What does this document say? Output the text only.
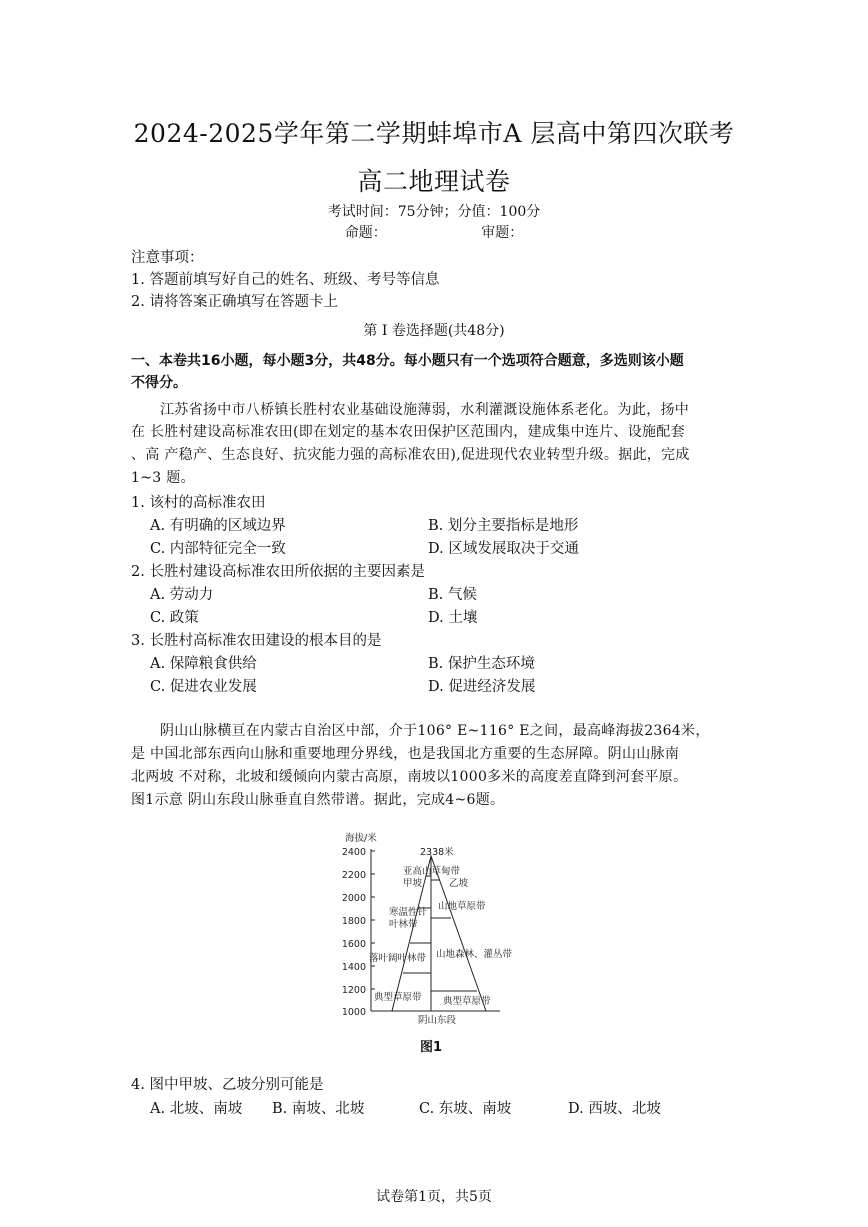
2024-2025学年第二学期蚌埠市A 层高中第四次联考
高二地理试卷
考试时间：75分钟；分值：100分
命题：	审题：
注意事项：
1. 答题前填写好自己的姓名、班级、考号等信息
2. 请将答案正确填写在答题卡上
第 Ⅰ 卷选择题(共48分)
一、本卷共16小题，每小题3分，共48分。每小题只有一个选项符合题意，多选则该小题
不得分。
江苏省扬中市八桥镇长胜村农业基础设施薄弱，水利灌溉设施体系老化。为此，扬中
在 长胜村建设高标准农田(即在划定的基本农田保护区范围内，建成集中连片、设施配套
、高 产稳产、生态良好、抗灾能力强的高标准农田),促进现代农业转型升级。据此，完成
1~3 题。
1. 该村的高标准农田
A. 有明确的区域边界	B. 划分主要指标是地形
C. 内部特征完全一致	D. 区域发展取决于交通
2. 长胜村建设高标准农田所依据的主要因素是
A. 劳动力	B. 气候
C. 政策	D. 土壤
3. 长胜村高标准农田建设的根本目的是
A. 保障粮食供给	B. 保护生态环境
C. 促进农业发展	D. 促进经济发展
阴山山脉横亘在内蒙古自治区中部，介于106° E~116° E之间，最高峰海拔2364米，
是 中国北部东西向山脉和重要地理分界线，也是我国北方重要的生态屏障。阴山山脉南
北两坡 不对称，北坡和缓倾向内蒙古高原，南坡以1000多米的高度差直降到河套平原。
图1示意 阴山东段山脉垂直自然带谱。据此，完成4~6题。
2400
2200
2000
1800
1600
1400
1200
1000
海拔/米
2338米
亚高山草甸带
甲坡
寒温性针
叶林带
落叶阔叶林带
典型草原带
乙坡
山地草原带
山地森林、灌丛带
典型草原带
阴山东段
图1
4. 图中甲坡、乙坡分别可能是
A. 北坡、南坡 B. 南坡、北坡	C. 东坡、南坡	D. 西坡、北坡
试卷第1页，共5页
